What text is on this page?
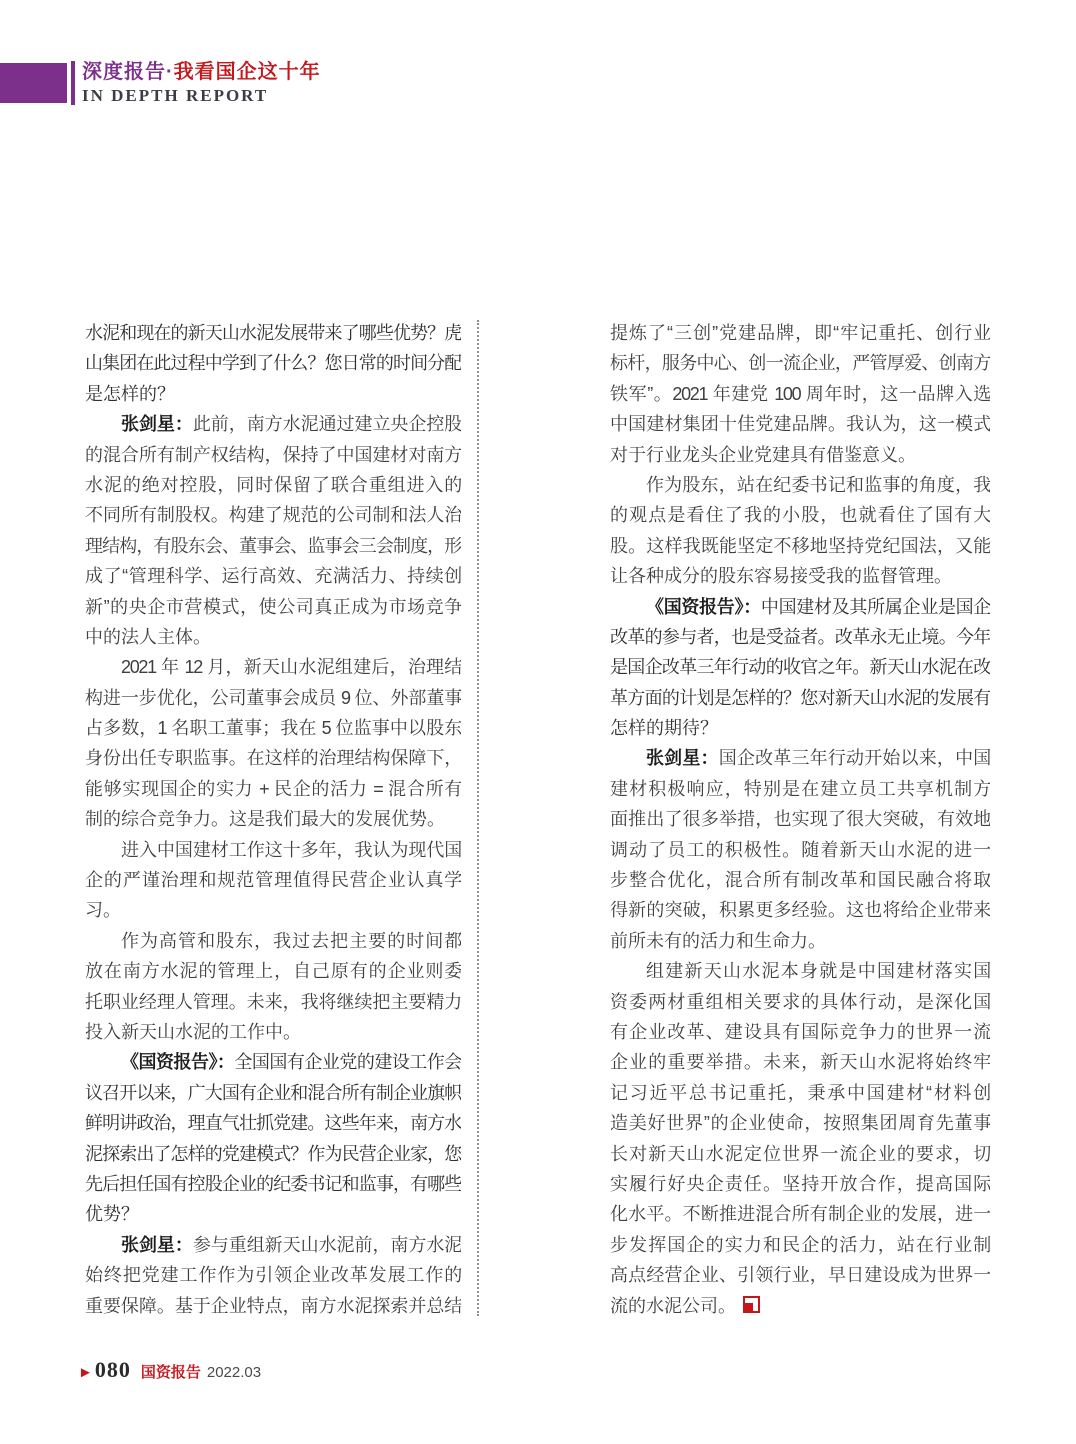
深度报告·我看国企这十年
IN DEPTH REPORT
水泥和现在的新天山水泥发展带来了哪些优势？虎
山集团在此过程中学到了什么？您日常的时间分配
是怎样的？
张剑星：此前，南方水泥通过建立央企控股
的混合所有制产权结构，保持了中国建材对南方
水泥的绝对控股，同时保留了联合重组进入的
不同所有制股权。构建了规范的公司制和法人治
理结构，有股东会、董事会、监事会三会制度，形
成了“管理科学、运行高效、充满活力、持续创
新”的央企市营模式，使公司真正成为市场竞争
中的法人主体。
2021 年 12 月，新天山水泥组建后，治理结
构进一步优化，公司董事会成员 9 位、外部董事
占多数，1 名职工董事；我在 5 位监事中以股东
身份出任专职监事。在这样的治理结构保障下，
能够实现国企的实力 + 民企的活力 = 混合所有
制的综合竞争力。这是我们最大的发展优势。
进入中国建材工作这十多年，我认为现代国
企的严谨治理和规范管理值得民营企业认真学
习。
作为高管和股东，我过去把主要的时间都
放在南方水泥的管理上，自己原有的企业则委
托职业经理人管理。未来，我将继续把主要精力
投入新天山水泥的工作中。
《国资报告》：全国国有企业党的建设工作会
议召开以来，广大国有企业和混合所有制企业旗帜
鲜明讲政治，理直气壮抓党建。这些年来，南方水
泥探索出了怎样的党建模式？作为民营企业家，您
先后担任国有控股企业的纪委书记和监事，有哪些
优势？
张剑星：参与重组新天山水泥前，南方水泥
始终把党建工作作为引领企业改革发展工作的
重要保障。基于企业特点，南方水泥探索并总结
提炼了“三创”党建品牌，即“牢记重托、创行业
标杆，服务中心、创一流企业，严管厚爱、创南方
铁军”。2021 年建党 100 周年时，这一品牌入选
中国建材集团十佳党建品牌。我认为，这一模式
对于行业龙头企业党建具有借鉴意义。
作为股东，站在纪委书记和监事的角度，我
的观点是看住了我的小股，也就看住了国有大
股。这样我既能坚定不移地坚持党纪国法，又能
让各种成分的股东容易接受我的监督管理。
《国资报告》：中国建材及其所属企业是国企
改革的参与者，也是受益者。改革永无止境。今年
是国企改革三年行动的收官之年。新天山水泥在改
革方面的计划是怎样的？您对新天山水泥的发展有
怎样的期待？
张剑星：国企改革三年行动开始以来，中国
建材积极响应，特别是在建立员工共享机制方
面推出了很多举措，也实现了很大突破，有效地
调动了员工的积极性。随着新天山水泥的进一
步整合优化，混合所有制改革和国民融合将取
得新的突破，积累更多经验。这也将给企业带来
前所未有的活力和生命力。
组建新天山水泥本身就是中国建材落实国
资委两材重组相关要求的具体行动，是深化国
有企业改革、建设具有国际竞争力的世界一流
企业的重要举措。未来，新天山水泥将始终牢
记习近平总书记重托，秉承中国建材“材料创
造美好世界”的企业使命，按照集团周育先董事
长对新天山水泥定位世界一流企业的要求，切
实履行好央企责任。坚持开放合作，提高国际
化水平。不断推进混合所有制企业的发展，进一
步发挥国企的实力和民企的活力，站在行业制
高点经营企业、引领行业，早日建设成为世界一
流的水泥公司。
► 080 国资报告 2022.03
